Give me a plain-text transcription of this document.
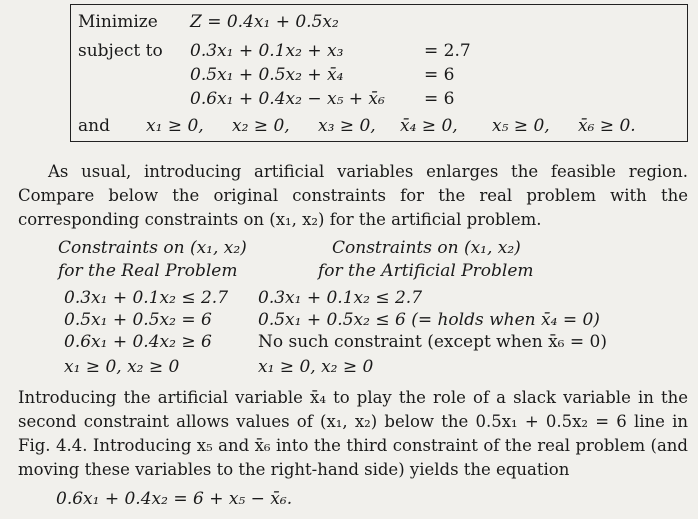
Minimize Z = 0.4x₁ + 0.5x₂
subject to 0.3x₁ + 0.1x₂ + x₃	= 2.7
0.5x₁ + 0.5x₂ + x̄₄	= 6
0.6x₁ + 0.4x₂ − x₅ + x̄₆ = 6
and x₁ ≥ 0, x₂ ≥ 0, x₃ ≥ 0, x̄₄ ≥ 0, x₅ ≥ 0, x̄₆ ≥ 0.
As usual, introducing artificial variables enlarges the feasible region. Compare below the original constraints for the real problem with the corresponding constraints on (x₁, x₂) for the artificial problem.
Constraints on (x₁, x₂)
for the Real Problem
Constraints on (x₁, x₂)
for the Artificial Problem
0.3x₁ + 0.1x₂ ≤ 2.7
0.5x₁ + 0.5x₂ = 6
0.6x₁ + 0.4x₂ ≥ 6
x₁ ≥ 0, x₂ ≥ 0
0.3x₁ + 0.1x₂ ≤ 2.7
0.5x₁ + 0.5x₂ ≤ 6 (= holds when x̄₄ = 0)
No such constraint (except when x̄₆ = 0)
x₁ ≥ 0, x₂ ≥ 0
Introducing the artificial variable x̄₄ to play the role of a slack variable in the second constraint allows values of (x₁, x₂) below the 0.5x₁ + 0.5x₂ = 6 line in Fig. 4.4. Introducing x₅ and x̄₆ into the third constraint of the real problem (and moving these variables to the right-hand side) yields the equation
0.6x₁ + 0.4x₂ = 6 + x₅ − x̄₆.
